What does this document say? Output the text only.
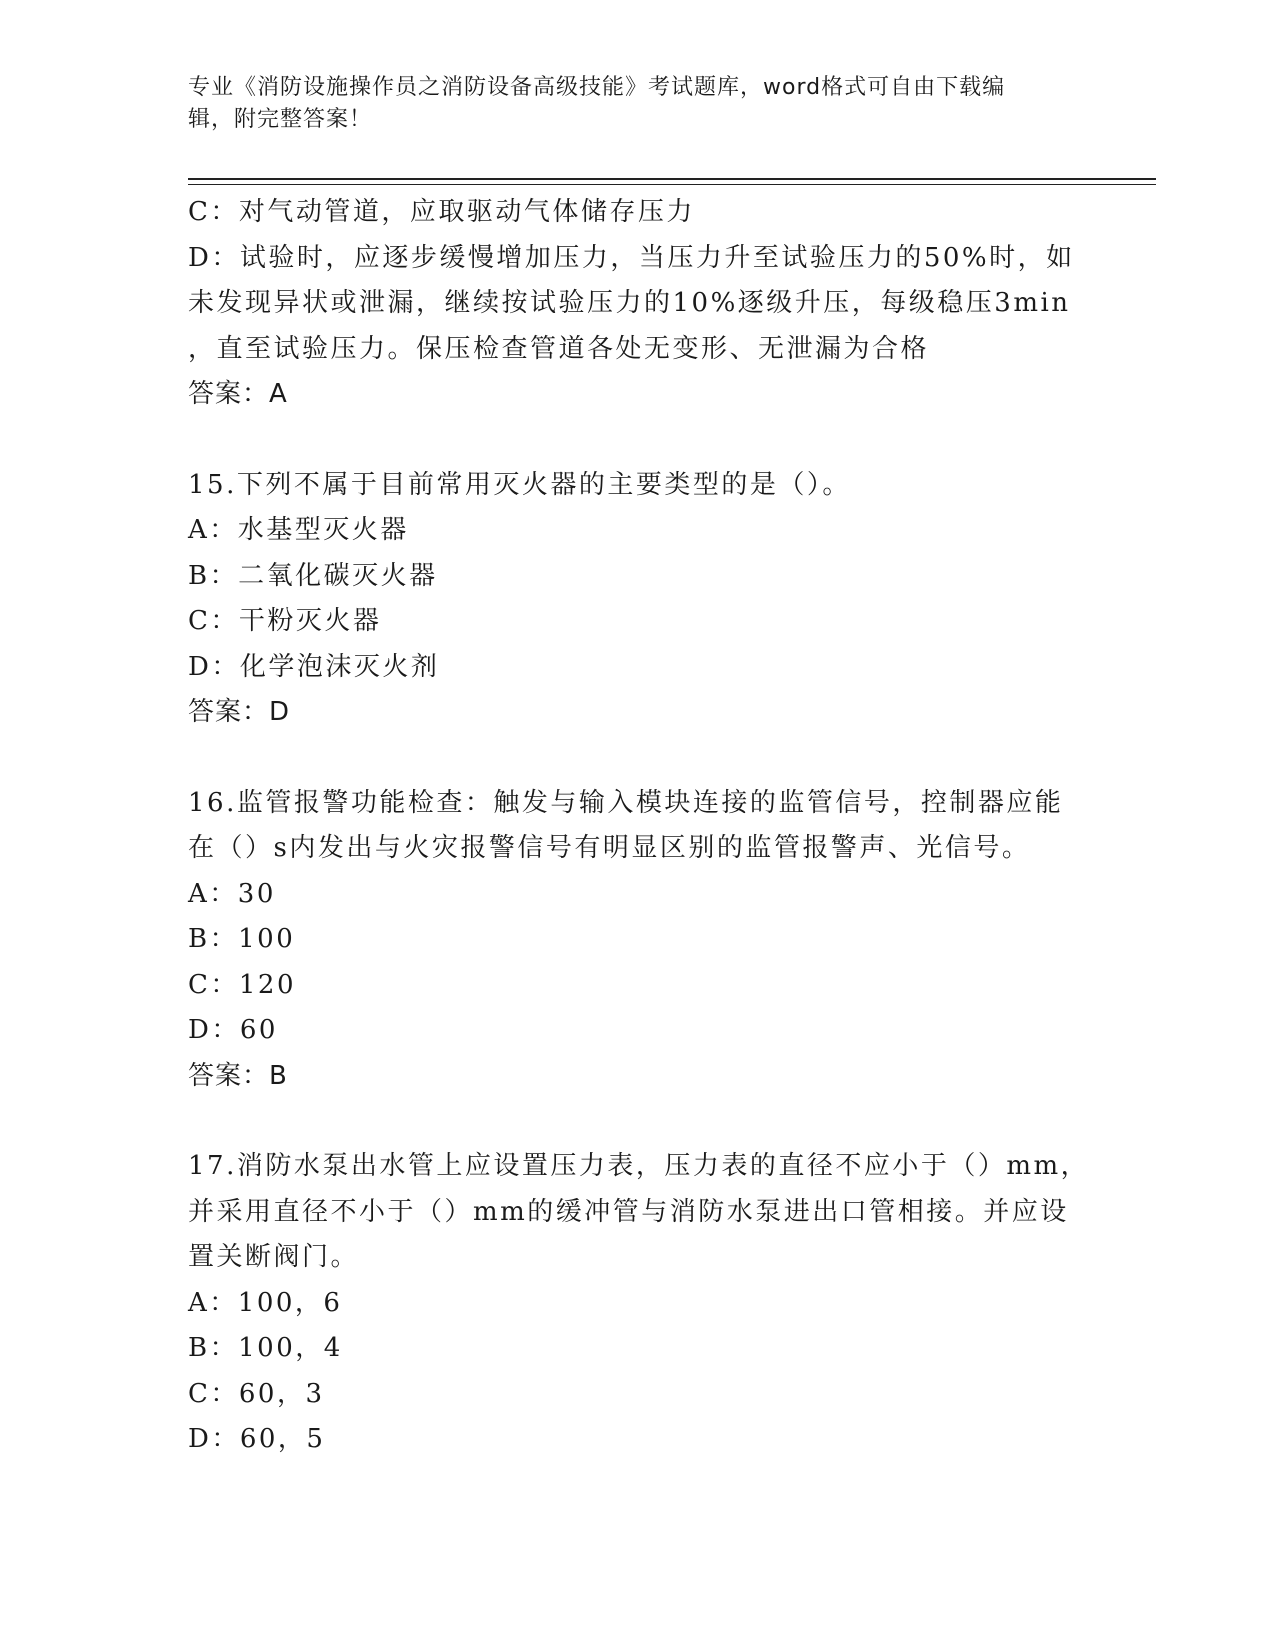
专业《消防设施操作员之消防设备高级技能》考试题库，word格式可自由下载编
辑，附完整答案！
C：对气动管道，应取驱动气体储存压力
D：试验时，应逐步缓慢增加压力，当压力升至试验压力的50%时，如
未发现异状或泄漏，继续按试验压力的10%逐级升压，每级稳压3min
，直至试验压力。保压检查管道各处无变形、无泄漏为合格
答案：A
15.下列不属于目前常用灭火器的主要类型的是（）。
A：水基型灭火器
B：二氧化碳灭火器
C：干粉灭火器
D：化学泡沫灭火剂
答案：D
16.监管报警功能检查：触发与输入模块连接的监管信号，控制器应能
在（）s内发出与火灾报警信号有明显区别的监管报警声、光信号。
A：30
B：100
C：120
D：60
答案：B
17.消防水泵出水管上应设置压力表，压力表的直径不应小于（）mm，
并采用直径不小于（）mm的缓冲管与消防水泵进出口管相接。并应设
置关断阀门。
A：100，6
B：100，4
C：60，3
D：60，5
